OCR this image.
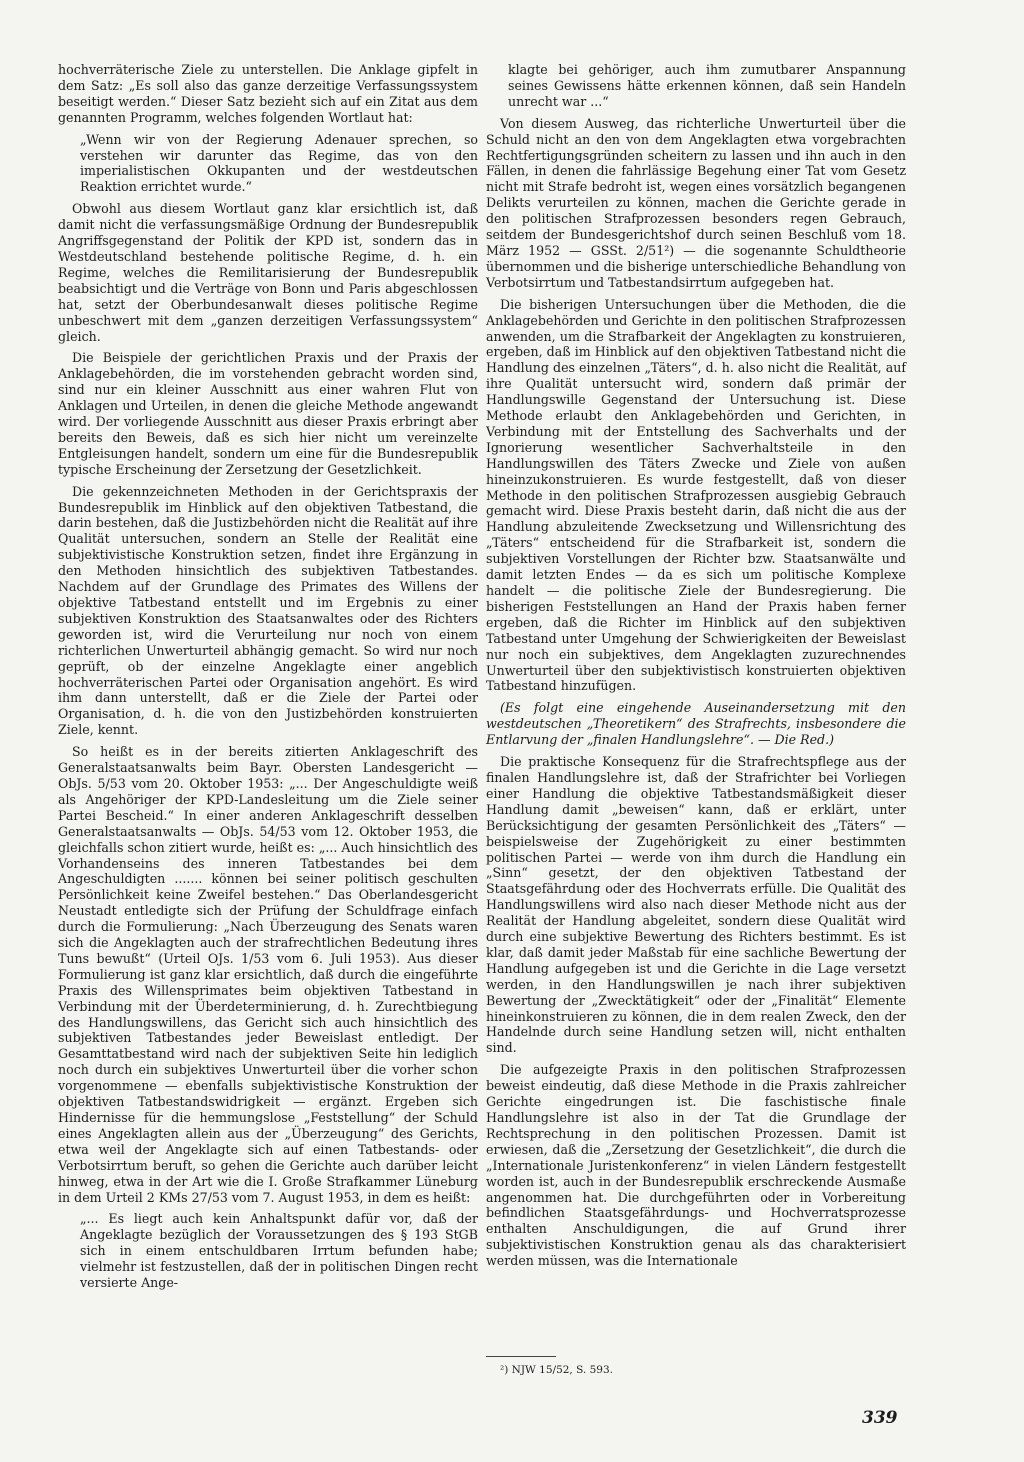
hochverräterische Ziele zu unterstellen. Die Anklage gipfelt in dem Satz: „Es soll also das ganze derzeitige Verfassungssystem beseitigt werden.“ Dieser Satz bezieht sich auf ein Zitat aus dem genannten Programm, welches folgenden Wortlaut hat:

„Wenn wir von der Regierung Adenauer sprechen, so verstehen wir darunter das Regime, das von den imperialistischen Okkupanten und der westdeutschen Reaktion errichtet wurde.“

Obwohl aus diesem Wortlaut ganz klar ersichtlich ist, daß damit nicht die verfassungsmäßige Ordnung der Bundesrepublik Angriffsgegenstand der Politik der KPD ist, sondern das in Westdeutschland bestehende politische Regime, d. h. ein Regime, welches die Remilitarisierung der Bundesrepublik beabsichtigt und die Verträge von Bonn und Paris abgeschlossen hat, setzt der Oberbundesanwalt dieses politische Regime unbeschwert mit dem „ganzen derzeitigen Verfassungssystem“ gleich.

Die Beispiele der gerichtlichen Praxis und der Praxis der Anklagebehörden, die im vorstehenden gebracht worden sind, sind nur ein kleiner Ausschnitt aus einer wahren Flut von Anklagen und Urteilen, in denen die gleiche Methode angewandt wird. Der vorliegende Ausschnitt aus dieser Praxis erbringt aber bereits den Beweis, daß es sich hier nicht um vereinzelte Entgleisungen handelt, sondern um eine für die Bundesrepublik typische Erscheinung der Zersetzung der Gesetzlichkeit.

Die gekennzeichneten Methoden in der Gerichtspraxis der Bundesrepublik im Hinblick auf den objektiven Tatbestand, die darin bestehen, daß die Justizbehörden nicht die Realität auf ihre Qualität untersuchen, sondern an Stelle der Realität eine subjektivistische Konstruktion setzen, findet ihre Ergänzung in den Methoden hinsichtlich des subjektiven Tatbestandes. Nachdem auf der Grundlage des Primates des Willens der objektive Tatbestand entstellt und im Ergebnis zu einer subjektiven Konstruktion des Staatsanwaltes oder des Richters geworden ist, wird die Verurteilung nur noch von einem richterlichen Unwerturteil abhängig gemacht. So wird nur noch geprüft, ob der einzelne Angeklagte einer angeblich hochverräterischen Partei oder Organisation angehört. Es wird ihm dann unterstellt, daß er die Ziele der Partei oder Organisation, d. h. die von den Justizbehörden konstruierten Ziele, kennt.

So heißt es in der bereits zitierten Anklageschrift des Generalstaatsanwalts beim Bayr. Obersten Landesgericht — ObJs. 5/53 vom 20. Oktober 1953: „... Der Angeschuldigte weiß als Angehöriger der KPD-Landesleitung um die Ziele seiner Partei Bescheid.“ In einer anderen Anklageschrift desselben Generalstaatsanwalts — ObJs. 54/53 vom 12. Oktober 1953, die gleichfalls schon zitiert wurde, heißt es: „... Auch hinsichtlich des Vorhandenseins des inneren Tatbestandes bei dem Angeschuldigten ....... können bei seiner politisch geschulten Persönlichkeit keine Zweifel bestehen.“ Das Oberlandesgericht Neustadt entledigte sich der Prüfung der Schuldfrage einfach durch die Formulierung: „Nach Überzeugung des Senats waren sich die Angeklagten auch der strafrechtlichen Bedeutung ihres Tuns bewußt“ (Urteil OJs. 1/53 vom 6. Juli 1953). Aus dieser Formulierung ist ganz klar ersichtlich, daß durch die eingeführte Praxis des Willensprimates beim objektiven Tatbestand in Verbindung mit der Überdeterminierung, d. h. Zurechtbiegung des Handlungswillens, das Gericht sich auch hinsichtlich des subjektiven Tatbestandes jeder Beweislast entledigt. Der Gesamttatbestand wird nach der subjektiven Seite hin lediglich noch durch ein subjektives Unwerturteil über die vorher schon vorgenommene — ebenfalls subjektivistische Konstruktion der objektiven Tatbestandswidrigkeit — ergänzt. Ergeben sich Hindernisse für die hemmungslose „Feststellung“ der Schuld eines Angeklagten allein aus der „Überzeugung“ des Gerichts, etwa weil der Angeklagte sich auf einen Tatbestands- oder Verbotsirrtum beruft, so gehen die Gerichte auch darüber leicht hinweg, etwa in der Art wie die I. Große Strafkammer Lüneburg in dem Urteil 2 KMs 27/53 vom 7. August 1953, in dem es heißt:

„... Es liegt auch kein Anhaltspunkt dafür vor, daß der Angeklagte bezüglich der Voraussetzungen des § 193 StGB sich in einem entschuldbaren Irrtum befunden habe; vielmehr ist festzustellen, daß der in politischen Dingen recht versierte Ange-

klagte bei gehöriger, auch ihm zumutbarer Anspannung seines Gewissens hätte erkennen können, daß sein Handeln unrecht war ...“

Von diesem Ausweg, das richterliche Unwerturteil über die Schuld nicht an den von dem Angeklagten etwa vorgebrachten Rechtfertigungsgründen scheitern zu lassen und ihn auch in den Fällen, in denen die fahrlässige Begehung einer Tat vom Gesetz nicht mit Strafe bedroht ist, wegen eines vorsätzlich begangenen Delikts verurteilen zu können, machen die Gerichte gerade in den politischen Strafprozessen besonders regen Gebrauch, seitdem der Bundesgerichtshof durch seinen Beschluß vom 18. März 1952 — GSSt. 2/51²) — die sogenannte Schuldtheorie übernommen und die bisherige unterschiedliche Behandlung von Verbotsirrtum und Tatbestandsirrtum aufgegeben hat.

Die bisherigen Untersuchungen über die Methoden, die die Anklagebehörden und Gerichte in den politischen Strafprozessen anwenden, um die Strafbarkeit der Angeklagten zu konstruieren, ergeben, daß im Hinblick auf den objektiven Tatbestand nicht die Handlung des einzelnen „Täters“, d. h. also nicht die Realität, auf ihre Qualität untersucht wird, sondern daß primär der Handlungswille Gegenstand der Untersuchung ist. Diese Methode erlaubt den Anklagebehörden und Gerichten, in Verbindung mit der Entstellung des Sachverhalts und der Ignorierung wesentlicher Sachverhaltsteile in den Handlungswillen des Täters Zwecke und Ziele von außen hineinzukonstruieren. Es wurde festgestellt, daß von dieser Methode in den politischen Strafprozessen ausgiebig Gebrauch gemacht wird. Diese Praxis besteht darin, daß nicht die aus der Handlung abzuleitende Zwecksetzung und Willensrichtung des „Täters“ entscheidend für die Strafbarkeit ist, sondern die subjektiven Vorstellungen der Richter bzw. Staatsanwälte und damit letzten Endes — da es sich um politische Komplexe handelt — die politische Ziele der Bundesregierung. Die bisherigen Feststellungen an Hand der Praxis haben ferner ergeben, daß die Richter im Hinblick auf den subjektiven Tatbestand unter Umgehung der Schwierigkeiten der Beweislast nur noch ein subjektives, dem Angeklagten zuzurechnendes Unwerturteil über den subjektivistisch konstruierten objektiven Tatbestand hinzufügen.

(Es folgt eine eingehende Auseinandersetzung mit den westdeutschen „Theoretikern“ des Strafrechts, insbesondere die Entlarvung der „finalen Handlungslehre“. — Die Red.)

Die praktische Konsequenz für die Strafrechtspflege aus der finalen Handlungslehre ist, daß der Strafrichter bei Vorliegen einer Handlung die objektive Tatbestandsmäßigkeit dieser Handlung damit „beweisen“ kann, daß er erklärt, unter Berücksichtigung der gesamten Persönlichkeit des „Täters“ — beispielsweise der Zugehörigkeit zu einer bestimmten politischen Partei — werde von ihm durch die Handlung ein „Sinn“ gesetzt, der den objektiven Tatbestand der Staatsgefährdung oder des Hochverrats erfülle. Die Qualität des Handlungswillens wird also nach dieser Methode nicht aus der Realität der Handlung abgeleitet, sondern diese Qualität wird durch eine subjektive Bewertung des Richters bestimmt. Es ist klar, daß damit jeder Maßstab für eine sachliche Bewertung der Handlung aufgegeben ist und die Gerichte in die Lage versetzt werden, in den Handlungswillen je nach ihrer subjektiven Bewertung der „Zwecktätigkeit“ oder der „Finalität“ Elemente hineinkonstruieren zu können, die in dem realen Zweck, den der Handelnde durch seine Handlung setzen will, nicht enthalten sind.

Die aufgezeigte Praxis in den politischen Strafprozessen beweist eindeutig, daß diese Methode in die Praxis zahlreicher Gerichte eingedrungen ist. Die faschistische finale Handlungslehre ist also in der Tat die Grundlage der Rechtsprechung in den politischen Prozessen. Damit ist erwiesen, daß die „Zersetzung der Gesetzlichkeit“, die durch die „Internationale Juristenkonferenz“ in vielen Ländern festgestellt worden ist, auch in der Bundesrepublik erschreckende Ausmaße angenommen hat. Die durchgeführten oder in Vorbereitung befindlichen Staatsgefährdungs- und Hochverratsprozesse enthalten Anschuldigungen, die auf Grund ihrer subjektivistischen Konstruktion genau als das charakterisiert werden müssen, was die Internationale

²) NJW 15/52, S. 593.
339
